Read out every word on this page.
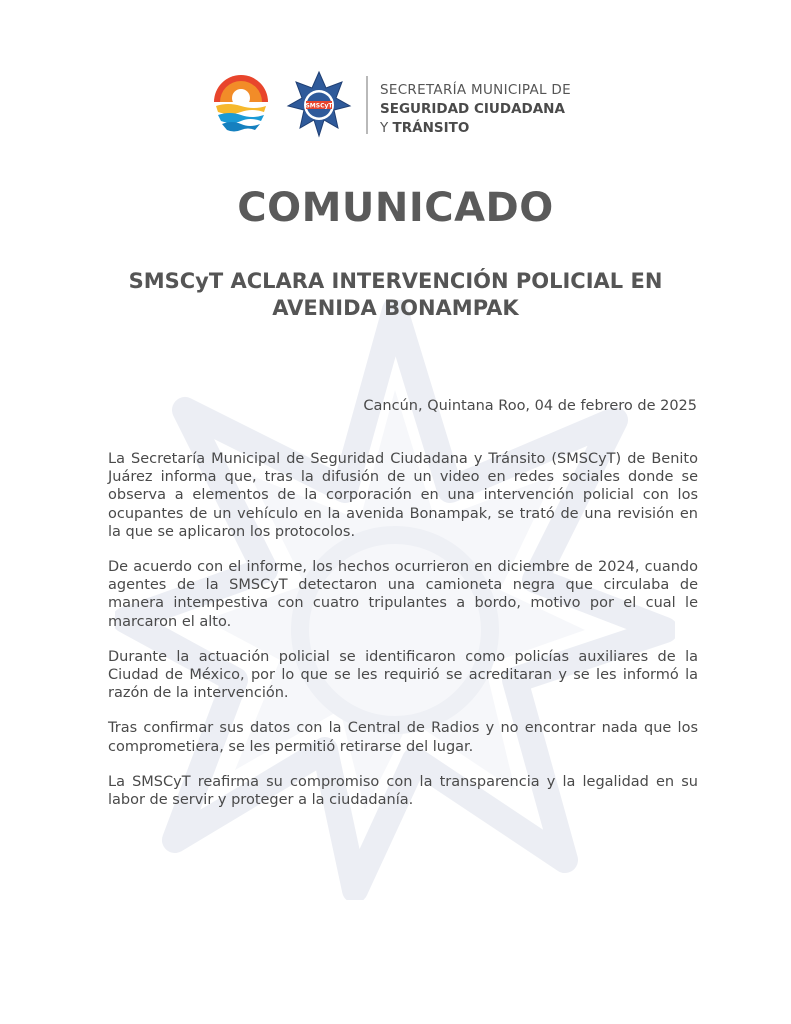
SMSCyT
SECRETARÍA MUNICIPAL DE
SEGURIDAD CIUDADANA
Y TRÁNSITO
COMUNICADO
SMSCyT ACLARA INTERVENCIÓN POLICIAL EN AVENIDA BONAMPAK
Cancún, Quintana Roo, 04 de febrero de 2025

La Secretaría Municipal de Seguridad Ciudadana y Tránsito (SMSCyT) de Benito Juárez informa que, tras la difusión de un video en redes sociales donde se observa a elementos de la corporación en una intervención policial con los ocupantes de un vehículo en la avenida Bonampak, se trató de una revisión en la que se aplicaron los protocolos.

De acuerdo con el informe, los hechos ocurrieron en diciembre de 2024, cuando agentes de la SMSCyT detectaron una camioneta negra que circulaba de manera intempestiva con cuatro tripulantes a bordo, motivo por el cual le marcaron el alto.

Durante la actuación policial se identificaron como policías auxiliares de la Ciudad de México, por lo que se les requirió se acreditaran y se les informó la razón de la intervención.

Tras confirmar sus datos con la Central de Radios y no encontrar nada que los comprometiera, se les permitió retirarse del lugar.

La SMSCyT reafirma su compromiso con la transparencia y la legalidad en su labor de servir y proteger a la ciudadanía.
